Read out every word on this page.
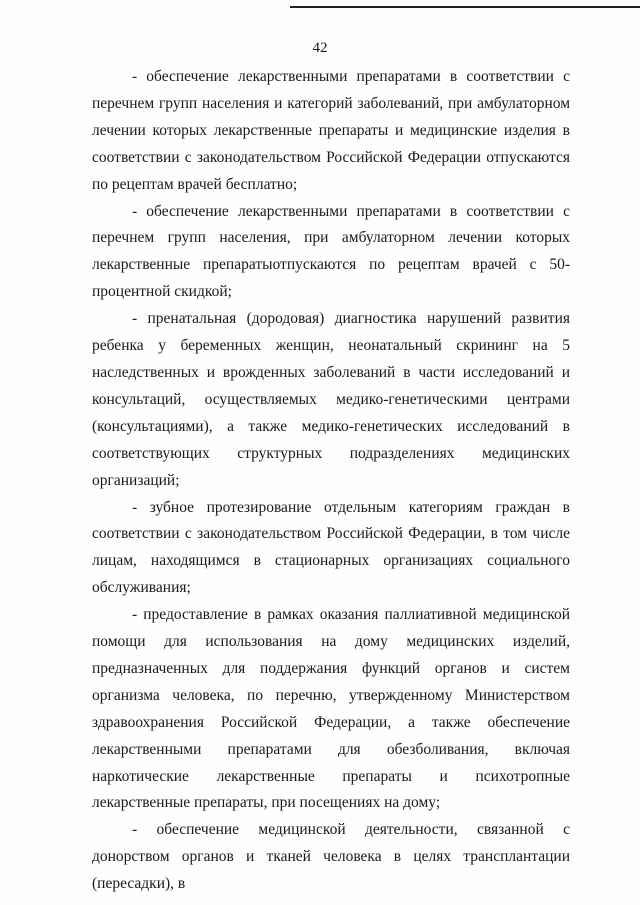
42

- обеспечение лекарственными препаратами в соответствии с перечнем групп населения и категорий заболеваний, при амбулаторном лечении которых лекарственные препараты и медицинские изделия в соответствии с законодательством Российской Федерации отпускаются по рецептам врачей бесплатно;

- обеспечение лекарственными препаратами в соответствии с перечнем групп населения, при амбулаторном лечении которых лекарственные препаратыотпускаются по рецептам врачей с 50-процентной скидкой;

- пренатальная (дородовая) диагностика нарушений развития ребенка у беременных женщин, неонатальный скрининг на 5 наследственных и врожденных заболеваний в части исследований и консультаций, осуществляемых медико-генетическими центрами (консультациями), а также медико-генетических исследований в соответствующих структурных подразделениях медицинских организаций;

- зубное протезирование отдельным категориям граждан в соответствии с законодательством Российской Федерации, в том числе лицам, находящимся в стационарных организациях социального обслуживания;

- предоставление в рамках оказания паллиативной медицинской помощи для использования на дому медицинских изделий, предназначенных для поддержания функций органов и систем организма человека, по перечню, утвержденному Министерством здравоохранения Российской Федерации, а также обеспечение лекарственными препаратами для обезболивания, включая наркотические лекарственные препараты и психотропные лекарственные препараты, при посещениях на дому;

- обеспечение медицинской деятельности, связанной с донорством органов и тканей человека в целях трансплантации (пересадки), в
